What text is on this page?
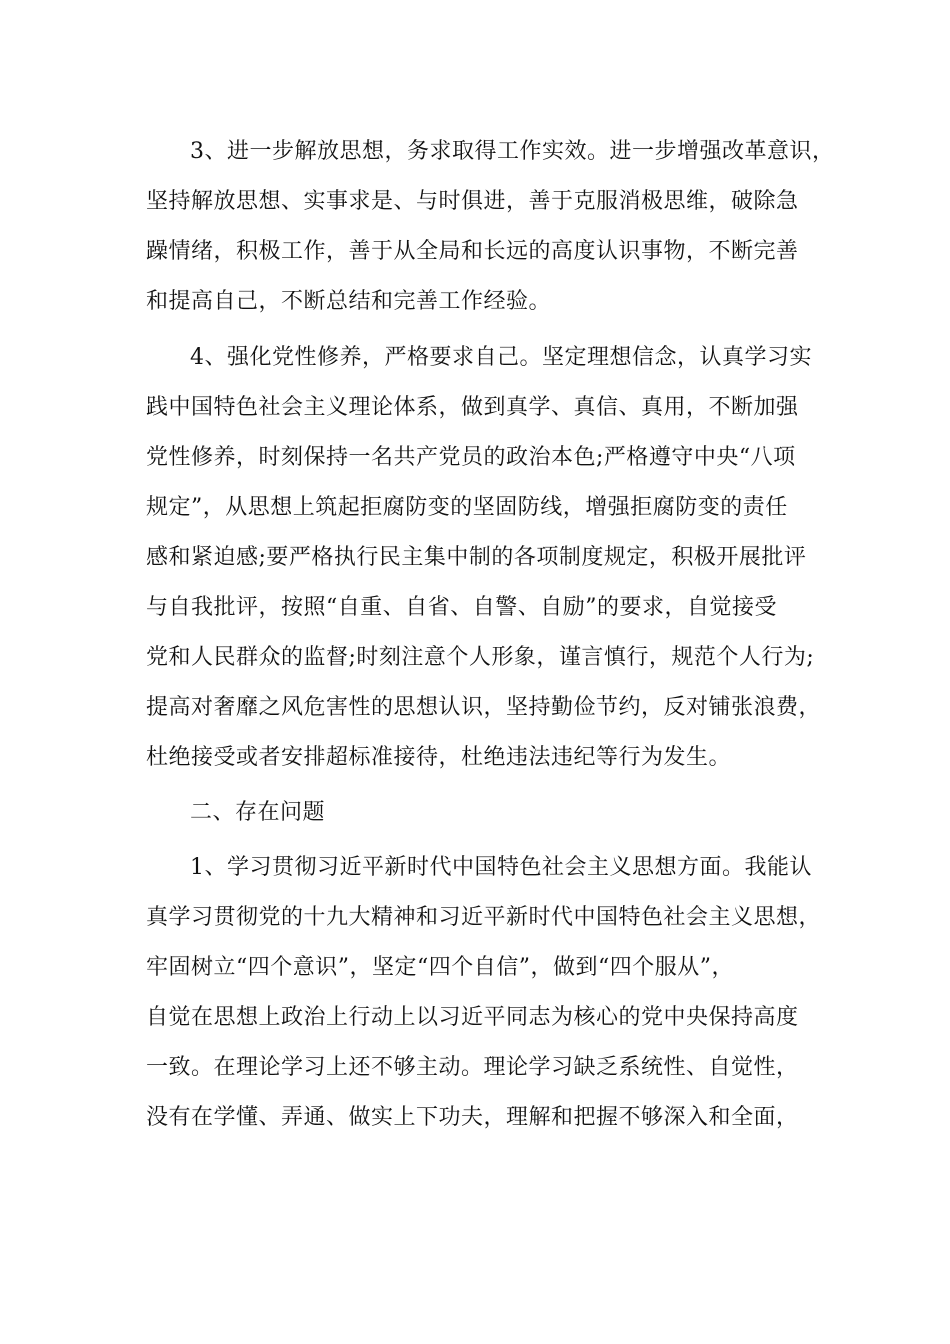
3、进一步解放思想，务求取得工作实效。进一步增强改革意识，
坚持解放思想、实事求是、与时俱进，善于克服消极思维，破除急
躁情绪，积极工作，善于从全局和长远的高度认识事物，不断完善
和提高自己，不断总结和完善工作经验。
4、强化党性修养，严格要求自己。坚定理想信念，认真学习实
践中国特色社会主义理论体系，做到真学、真信、真用，不断加强
党性修养，时刻保持一名共产党员的政治本色;严格遵守中央“八项
规定”，从思想上筑起拒腐防变的坚固防线，增强拒腐防变的责任
感和紧迫感;要严格执行民主集中制的各项制度规定，积极开展批评
与自我批评，按照“自重、自省、自警、自励”的要求，自觉接受
党和人民群众的监督;时刻注意个人形象，谨言慎行，规范个人行为;
提高对奢靡之风危害性的思想认识，坚持勤俭节约，反对铺张浪费，
杜绝接受或者安排超标准接待，杜绝违法违纪等行为发生。
二、存在问题
1、学习贯彻习近平新时代中国特色社会主义思想方面。我能认
真学习贯彻党的十九大精神和习近平新时代中国特色社会主义思想，
牢固树立“四个意识”，坚定“四个自信”，做到“四个服从”，
自觉在思想上政治上行动上以习近平同志为核心的党中央保持高度
一致。在理论学习上还不够主动。理论学习缺乏系统性、自觉性，
没有在学懂、弄通、做实上下功夫，理解和把握不够深入和全面，
